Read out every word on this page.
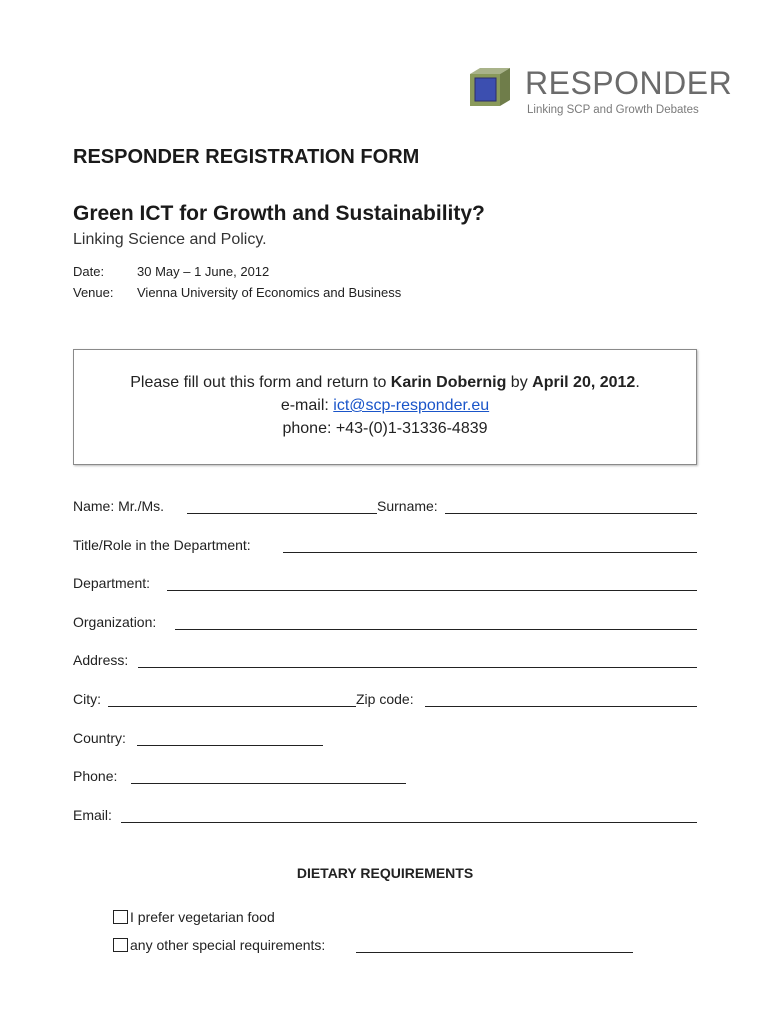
RESPONDER
Linking SCP and Growth Debates
RESPONDER REGISTRATION FORM
Green ICT for Growth and Sustainability?
Linking Science and Policy.
Date:	30 May – 1 June, 2012
Venue: Vienna University of Economics and Business
Please fill out this form and return to Karin Dobernig by April 20, 2012.
e-mail: ict@scp-responder.eu
phone: +43-(0)1-31336-4839
Name: Mr./Ms.	Surname:
Title/Role in the Department:
Department:
Organization:
Address:
City:	Zip code:
Country:
Phone:
Email:
DIETARY REQUIREMENTS
I prefer vegetarian food
any other special requirements:
